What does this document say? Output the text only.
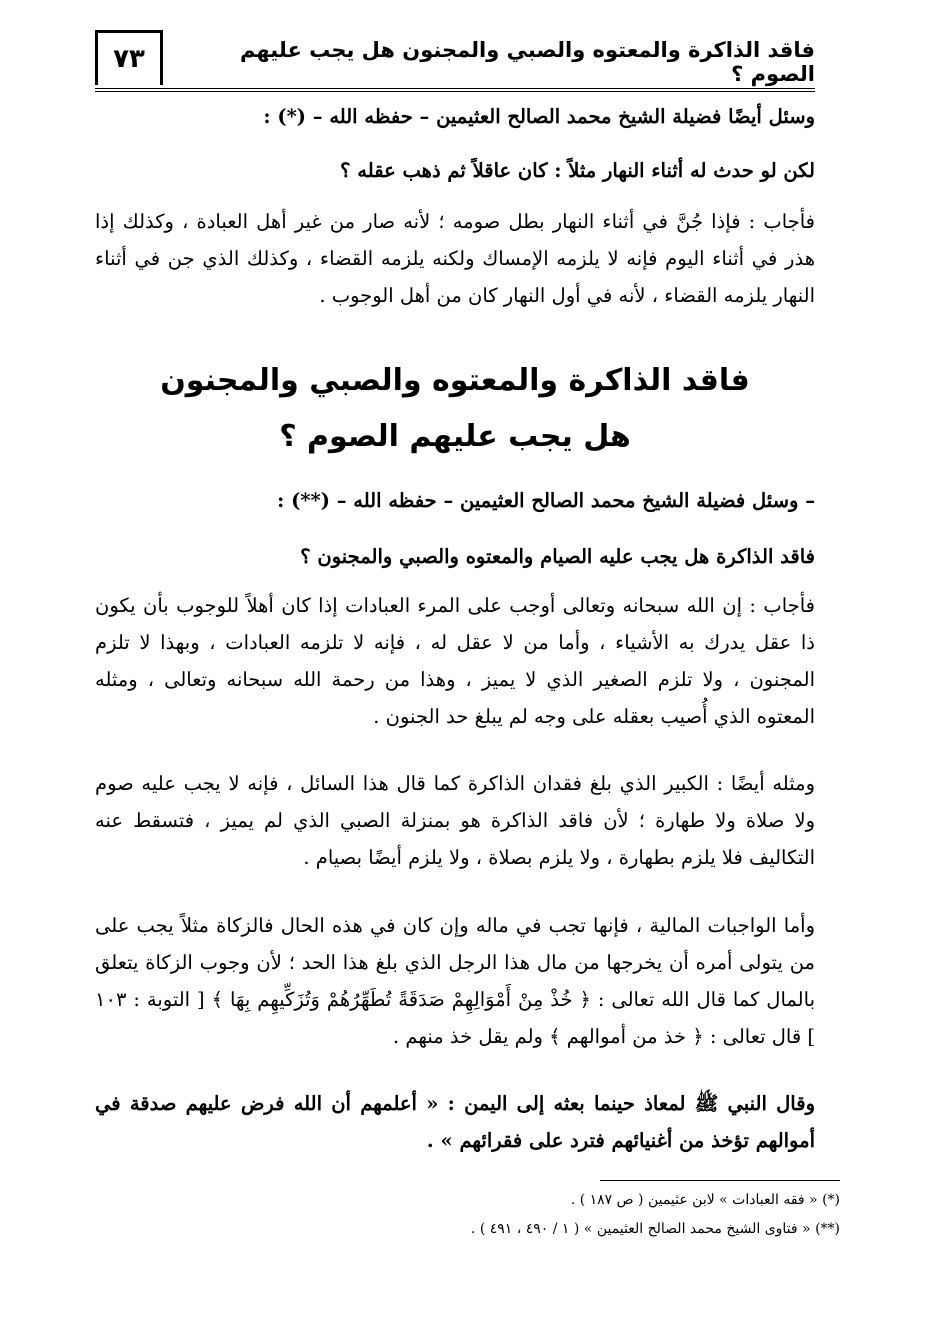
٧٣	فاقد الذاكرة والمعتوه والصبي والمجنون هل يجب عليهم الصوم ؟
وسئل أيضًا فضيلة الشيخ محمد الصالح العثيمين – حفظه الله – (*) :
لكن لو حدث له أثناء النهار مثلاً : كان عاقلاً ثم ذهب عقله ؟
فأجاب : فإذا جُنَّ في أثناء النهار بطل صومه ؛ لأنه صار من غير أهل العبادة ، وكذلك إذا هذر في أثناء اليوم فإنه لا يلزمه الإمساك ولكنه يلزمه القضاء ، وكذلك الذي جن في أثناء النهار يلزمه القضاء ، لأنه في أول النهار كان من أهل الوجوب .
فاقد الذاكرة والمعتوه والصبي والمجنون
هل يجب عليهم الصوم ؟
– وسئل فضيلة الشيخ محمد الصالح العثيمين – حفظه الله – (**) :
فاقد الذاكرة هل يجب عليه الصيام والمعتوه والصبي والمجنون ؟
فأجاب : إن الله سبحانه وتعالى أوجب على المرء العبادات إذا كان أهلاً للوجوب بأن يكون ذا عقل يدرك به الأشياء ، وأما من لا عقل له ، فإنه لا تلزمه العبادات ، وبهذا لا تلزم المجنون ، ولا تلزم الصغير الذي لا يميز ، وهذا من رحمة الله سبحانه وتعالى ، ومثله المعتوه الذي أُصيب بعقله على وجه لم يبلغ حد الجنون .
ومثله أيضًا : الكبير الذي بلغ فقدان الذاكرة كما قال هذا السائل ، فإنه لا يجب عليه صوم ولا صلاة ولا طهارة ؛ لأن فاقد الذاكرة هو بمنزلة الصبي الذي لم يميز ، فتسقط عنه التكاليف فلا يلزم بطهارة ، ولا يلزم بصلاة ، ولا يلزم أيضًا بصيام .
وأما الواجبات المالية ، فإنها تجب في ماله وإن كان في هذه الحال فالزكاة مثلاً يجب على من يتولى أمره أن يخرجها من مال هذا الرجل الذي بلغ هذا الحد ؛ لأن وجوب الزكاة يتعلق بالمال كما قال الله تعالى : ﴿ خُذْ مِنْ أَمْوَالِهِمْ صَدَقَةً تُطَهِّرُهُمْ وَتُزَكِّيهِم بِهَا ﴾ [ التوبة : ١٠٣ ] قال تعالى : ﴿ خذ من أموالهم ﴾ ولم يقل خذ منهم .
وقال النبي ﷺ لمعاذ حينما بعثه إلى اليمن : « أعلمهم أن الله فرض عليهم صدقة في أموالهم تؤخذ من أغنيائهم فترد على فقرائهم » .
(*) « فقه العبادات » لابن عثيمين ( ص ١٨٧ ) .
(**) « فتاوى الشيخ محمد الصالح العثيمين » ( ١ / ٤٩٠ ، ٤٩١ ) .
